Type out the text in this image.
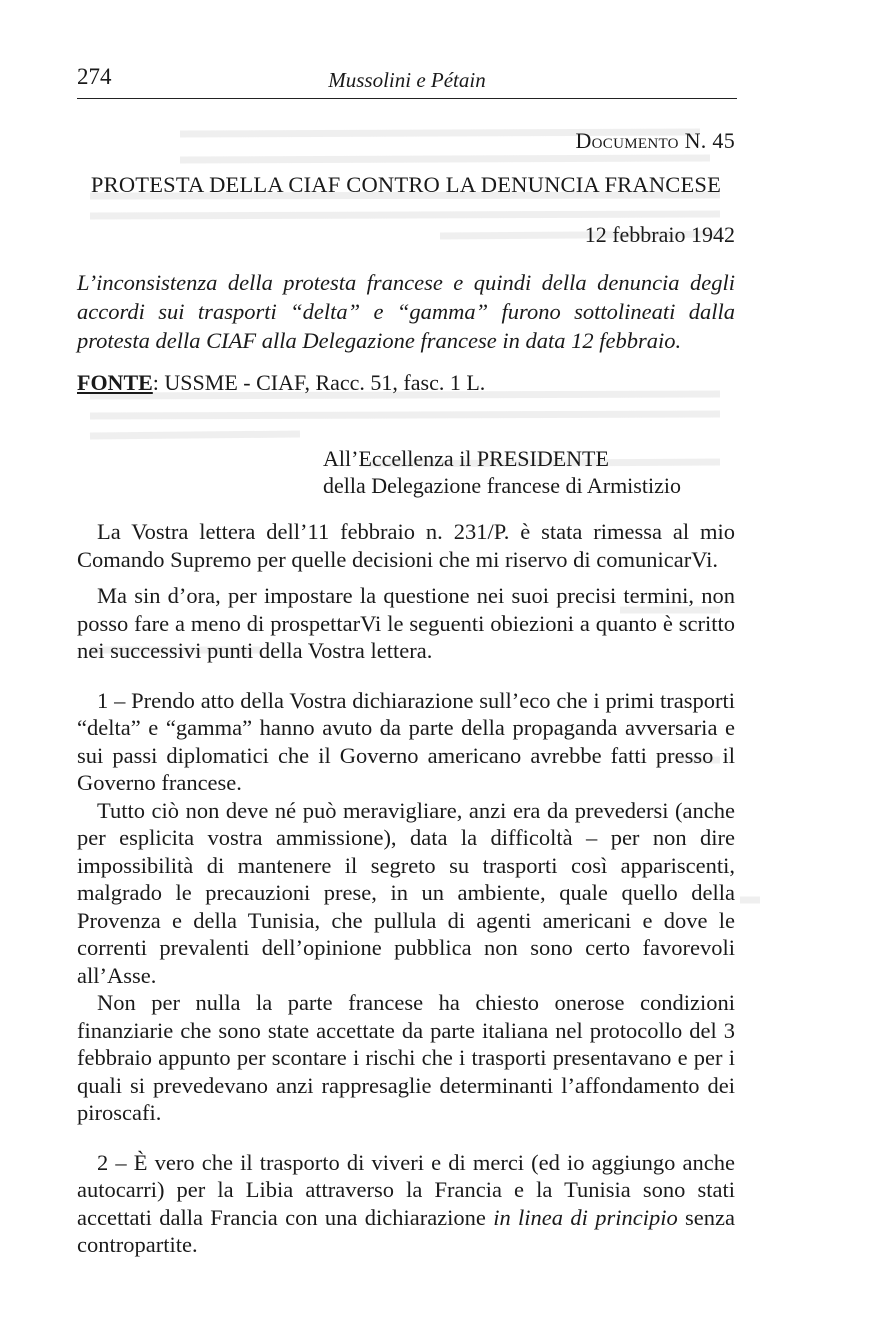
274	Mussolini e Pétain
Documento N. 45
PROTESTA DELLA CIAF CONTRO LA DENUNCIA FRANCESE
12 febbraio 1942
L’inconsistenza della protesta francese e quindi della denuncia degli accordi sui trasporti “delta” e “gamma” furono sottolineati dalla protesta della CIAF alla Delegazione francese in data 12 febbraio.
FONTE: USSME - CIAF, Racc. 51, fasc. 1 L.
All’Eccellenza il PRESIDENTE
della Delegazione francese di Armistizio

La Vostra lettera dell’11 febbraio n. 231/P. è stata rimessa al mio Comando Supremo per quelle decisioni che mi riservo di comunicarVi.

Ma sin d’ora, per impostare la questione nei suoi precisi termini, non posso fare a meno di prospettarVi le seguenti obiezioni a quanto è scritto nei successivi punti della Vostra lettera.

1 – Prendo atto della Vostra dichiarazione sull’eco che i primi trasporti “delta” e “gamma” hanno avuto da parte della propaganda avversaria e sui passi diplomatici che il Governo americano avrebbe fatti presso il Governo francese.

Tutto ciò non deve né può meravigliare, anzi era da prevedersi (anche per esplicita vostra ammissione), data la difficoltà – per non dire impossibilità di mantenere il segreto su trasporti così appariscenti, malgrado le precauzioni prese, in un ambiente, quale quello della Provenza e della Tunisia, che pullula di agenti americani e dove le correnti prevalenti dell’opinione pubblica non sono certo favorevoli all’Asse.

Non per nulla la parte francese ha chiesto onerose condizioni finanziarie che sono state accettate da parte italiana nel protocollo del 3 febbraio appunto per scontare i rischi che i trasporti presentavano e per i quali si prevedevano anzi rappresaglie determinanti l’affondamento dei piroscafi.

2 – È vero che il trasporto di viveri e di merci (ed io aggiungo anche autocarri) per la Libia attraverso la Francia e la Tunisia sono stati accettati dalla Francia con una dichiarazione in linea di principio senza contropartite.
